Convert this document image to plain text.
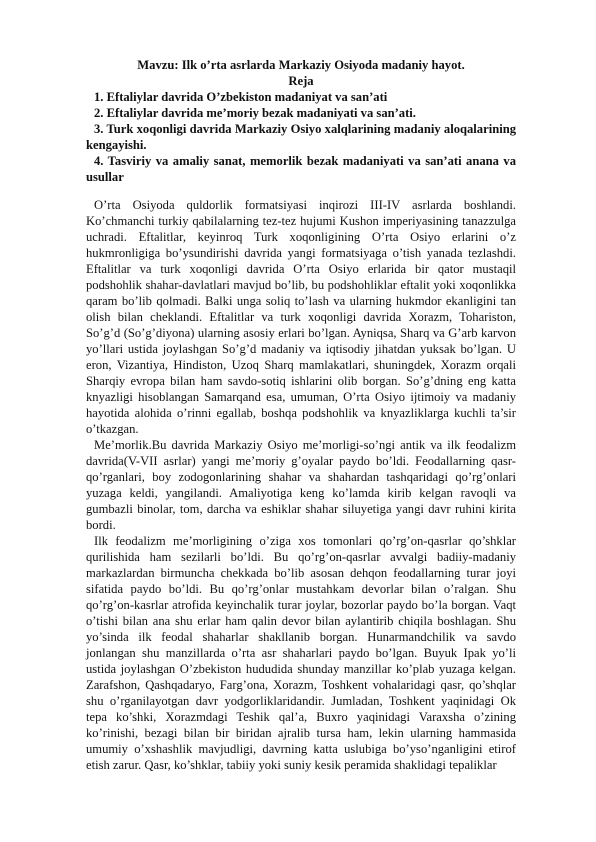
Mavzu: Ilk o’rta asrlarda Markaziy Osiyoda madaniy hayot.

Reja

1. Eftaliylar davrida O’zbekiston madaniyat va san’ati
2. Eftaliylar davrida me’moriy bezak madaniyati va san’ati.
3. Turk xoqonligi davrida Markaziy Osiyo xalqlarining madaniy aloqalarining kengayishi.
4. Tasviriy va amaliy sanat, memorlik bezak madaniyati va san’ati anana va usullar

O’rta Osiyoda quldorlik formatsiyasi inqirozi III-IV asrlarda boshlandi. Ko’chmanchi turkiy qabilalarning tez-tez hujumi Kushon imperiyasining tanazzulga uchradi. Eftalitlar, keyinroq Turk xoqonligining O’rta Osiyo erlarini o’z hukmronligiga bo’ysundirishi davrida yangi formatsiyaga o’tish yanada tezlashdi. Eftalitlar va turk xoqonligi davrida O’rta Osiyo erlarida bir qator mustaqil podshohlik shahar-davlatlari mavjud bo’lib, bu podshohliklar eftalit yoki xoqonlikka qaram bo’lib qolmadi. Balki unga soliq to’lash va ularning hukmdor ekanligini tan olish bilan cheklandi. Eftalitlar va turk xoqonligi davrida Xorazm, Tohariston, So’g’d (So’g’diyona) ularning asosiy erlari bo’lgan. Ayniqsa, Sharq va G’arb karvon yo’llari ustida joylashgan So’g’d madaniy va iqtisodiy jihatdan yuksak bo’lgan. U eron, Vizantiya, Hindiston, Uzoq Sharq mamlakatlari, shuningdek, Xorazm orqali Sharqiy evropa bilan ham savdo-sotiq ishlarini olib borgan. So’g’dning eng katta knyazligi hisoblangan Samarqand esa, umuman, O’rta Osiyo ijtimoiy va madaniy hayotida alohida o’rinni egallab, boshqa podshohlik va knyazliklarga kuchli ta’sir o’tkazgan.

Me’morlik.Bu davrida Markaziy Osiyo me’morligi-so’ngi antik va ilk feodalizm davrida(V-VII asrlar) yangi me’moriy g’oyalar paydo bo’ldi. Feodallarning qasr-qo’rganlari, boy zodogonlarining shahar va shahardan tashqaridagi qo’rg’onlari yuzaga keldi, yangilandi. Amaliyotiga keng ko’lamda kirib kelgan ravoqli va gumbazli binolar, tom, darcha va eshiklar shahar siluyetiga yangi davr ruhini kirita bordi.

Ilk feodalizm me’morligining o’ziga xos tomonlari qo’rg’on-qasrlar qo’shklar qurilishida ham sezilarli bo’ldi. Bu qo’rg’on-qasrlar avvalgi badiiy-madaniy markazlardan birmuncha chekkada bo’lib asosan dehqon feodallarning turar joyi sifatida paydo bo’ldi. Bu qo’rg’onlar mustahkam devorlar bilan o’ralgan. Shu qo’rg’on-kasrlar atrofida keyinchalik turar joylar, bozorlar paydo bo’la borgan. Vaqt o’tishi bilan ana shu erlar ham qalin devor bilan aylantirib chiqila boshlagan. Shu yo’sinda ilk feodal shaharlar shakllanib borgan. Hunarmandchilik va savdo jonlangan shu manzillarda o’rta asr shaharlari paydo bo’lgan. Buyuk Ipak yo’li ustida joylashgan O’zbekiston hududida shunday manzillar ko’plab yuzaga kelgan. Zarafshon, Qashqadaryo, Farg’ona, Xorazm, Toshkent vohalaridagi qasr, qo’shqlar shu o’rganilayotgan davr yodgorliklaridandir. Jumladan, Toshkent yaqinidagi Ok tepa ko’shki, Xorazmdagi Teshik qal’a, Buxro yaqinidagi Varaxsha o’zining ko’rinishi, bezagi bilan bir biridan ajralib tursa ham, lekin ularning hammasida umumiy o’xshashlik mavjudligi, davrning katta uslubiga bo’yso’nganligini etirof etish zarur. Qasr, ko’shklar, tabiiy yoki suniy kesik peramida shaklidagi tepaliklar
